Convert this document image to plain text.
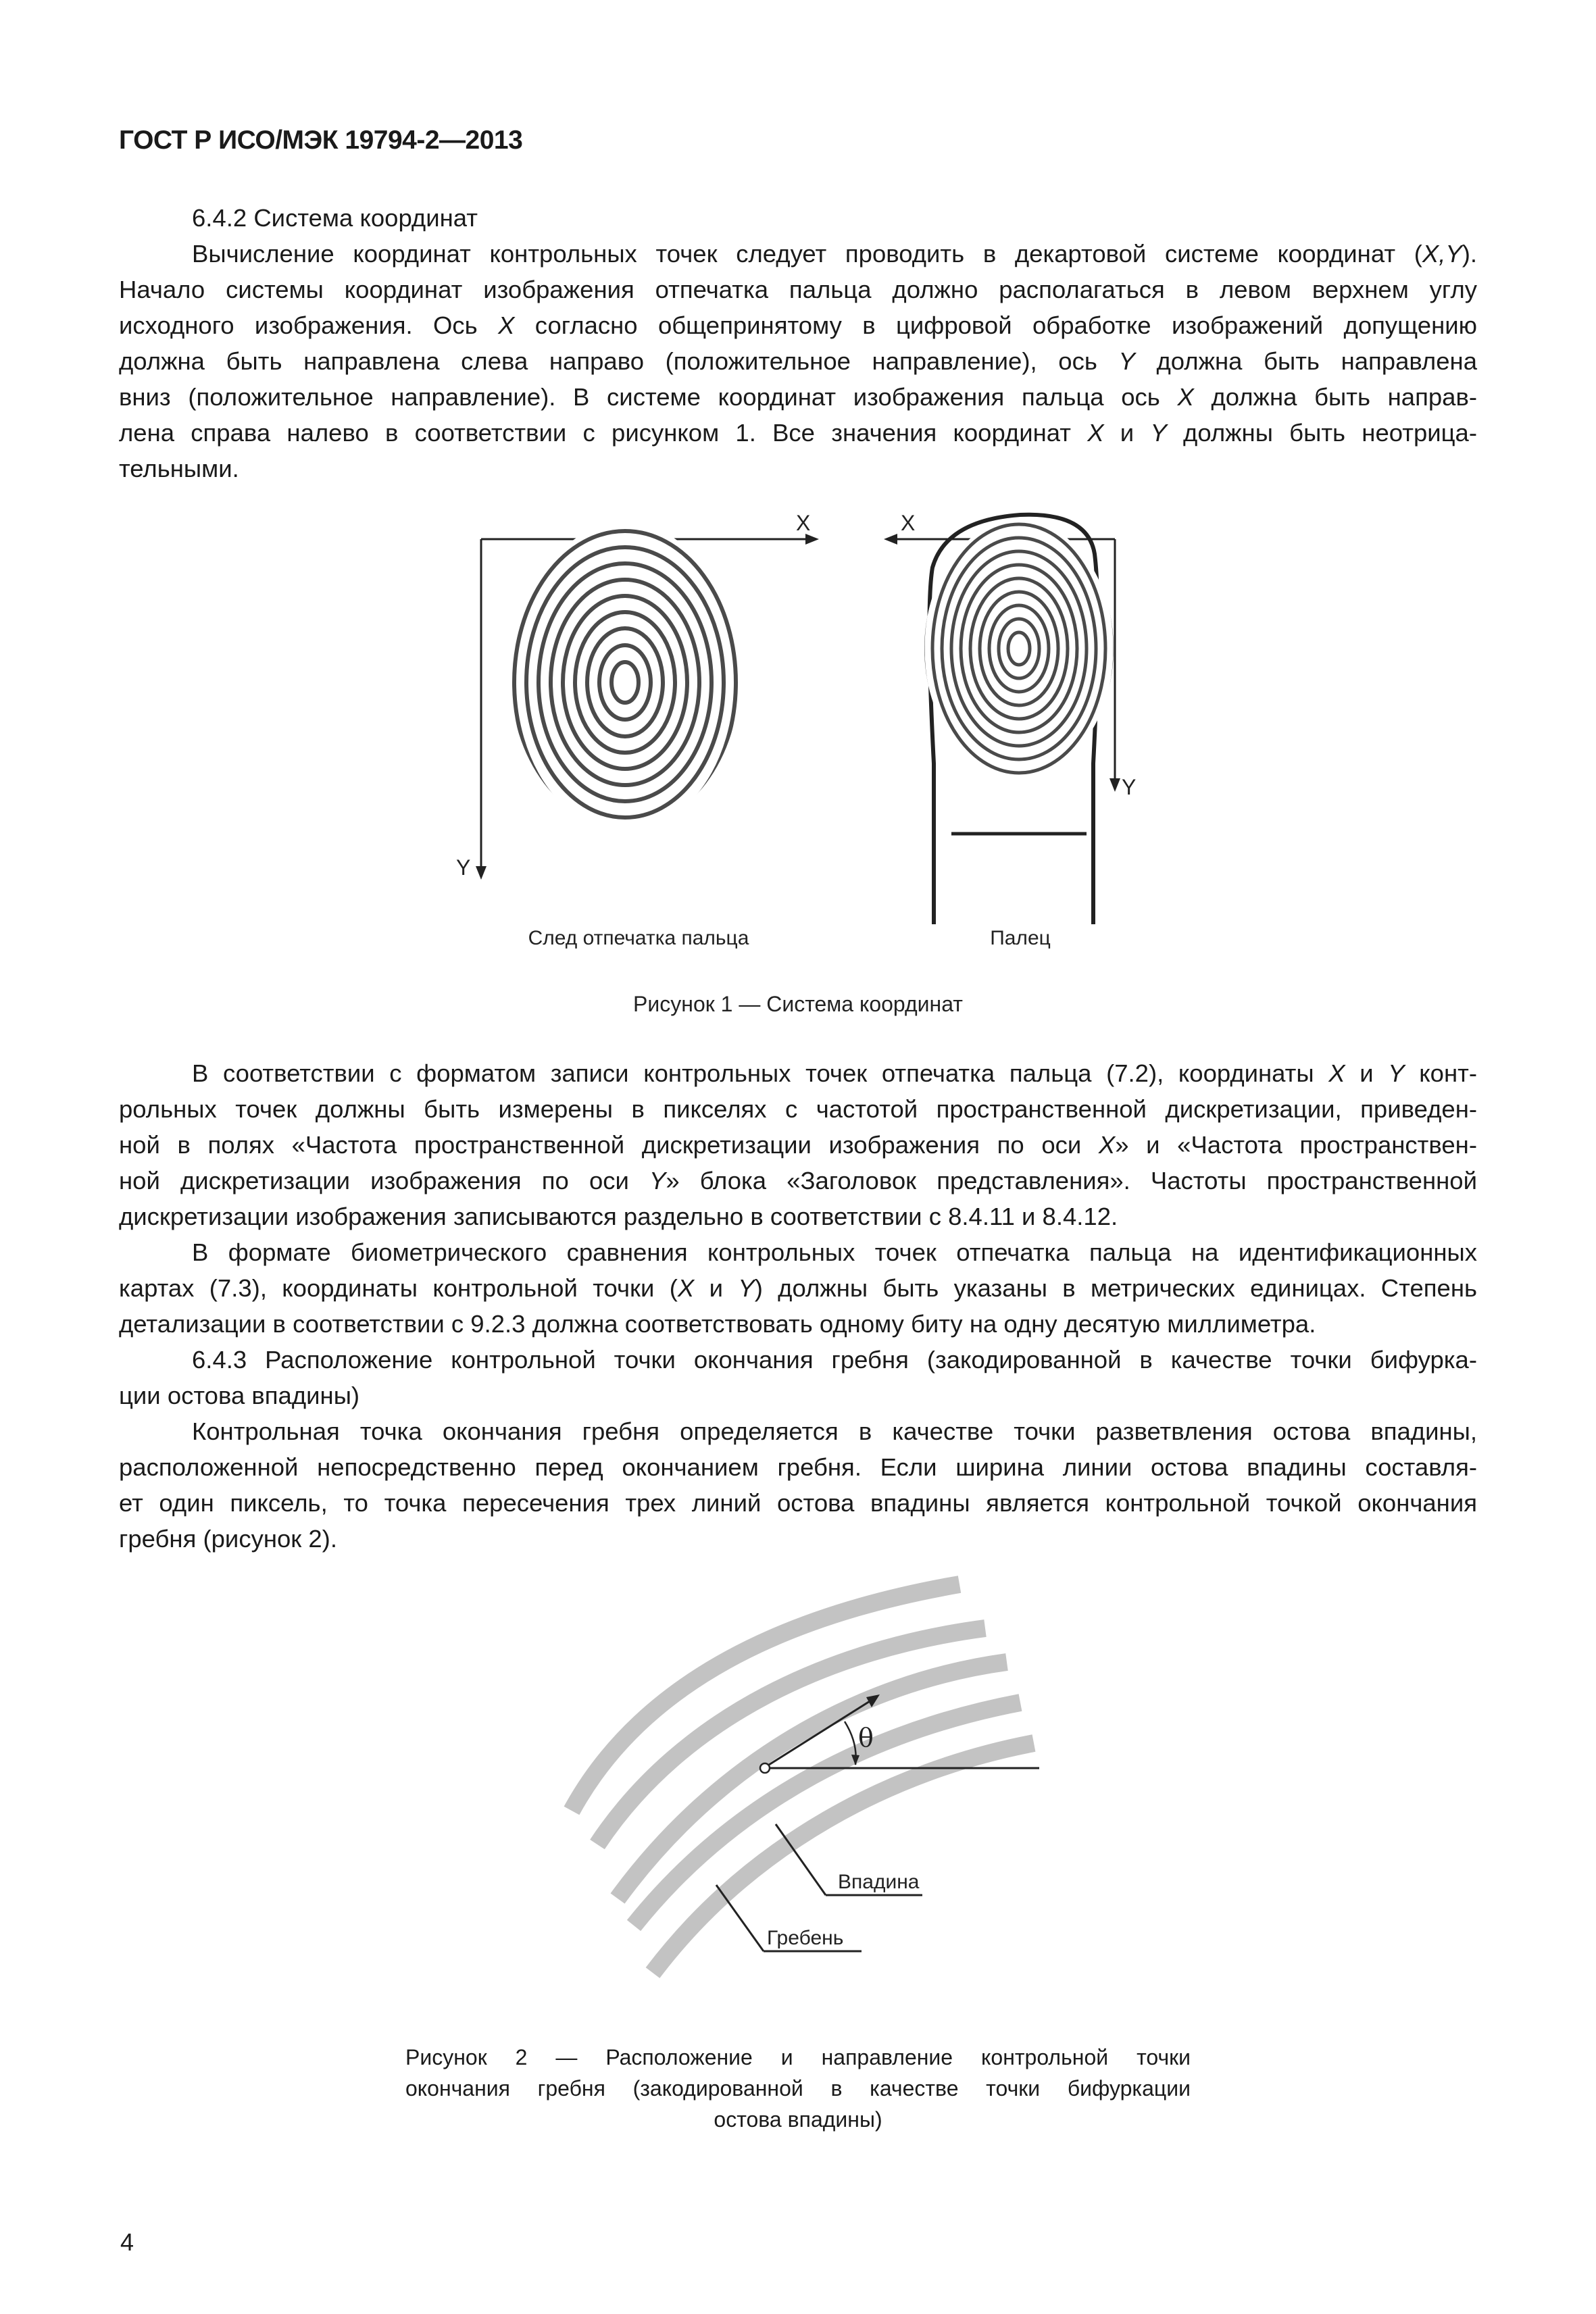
ГОСТ Р ИСО/МЭК 19794-2—2013

6.4.2 Система координат

Вычисление координат контрольных точек следует проводить в декартовой системе координат (X,Y).
Начало системы координат изображения отпечатка пальца должно располагаться в левом верхнем углу
исходного изображения. Ось X согласно общепринятому в цифровой обработке изображений допущению
должна быть направлена слева направо (положительное направление), ось Y должна быть направлена
вниз (положительное направление). В системе координат изображения пальца ось X должна быть направ-
лена справа налево в соответствии с рисунком 1. Все значения координат X и Y должны быть неотрица-
тельными.
X
Y
X
Y
След отпечатка пальца	Палец
Рисунок 1 — Система координат
θ
Впадина
Гребень
В соответствии с форматом записи контрольных точек отпечатка пальца (7.2), координаты X и Y конт-
рольных точек должны быть измерены в пикселях с частотой пространственной дискретизации, приведен-
ной в полях «Частота пространственной дискретизации изображения по оси X» и «Частота пространствен-
ной дискретизации изображения по оси Y» блока «Заголовок представления». Частоты пространственной
дискретизации изображения записываются раздельно в соответствии с 8.4.11 и 8.4.12.
В формате биометрического сравнения контрольных точек отпечатка пальца на идентификационных
картах (7.3), координаты контрольной точки (X и Y) должны быть указаны в метрических единицах. Степень
детализации в соответствии с 9.2.3 должна соответствовать одному биту на одну десятую миллиметра.
6.4.3 Расположение контрольной точки окончания гребня (закодированной в качестве точки бифурка-
ции остова впадины)
Контрольная точка окончания гребня определяется в качестве точки разветвления остова впадины,
расположенной непосредственно перед окончанием гребня. Если ширина линии остова впадины составля-
ет один пиксель, то точка пересечения трех линий остова впадины является контрольной точкой окончания
гребня (рисунок 2).
Рисунок 2 — Расположение и направление контрольной точки
окончания гребня (закодированной в качестве точки бифуркации
остова впадины)
4
